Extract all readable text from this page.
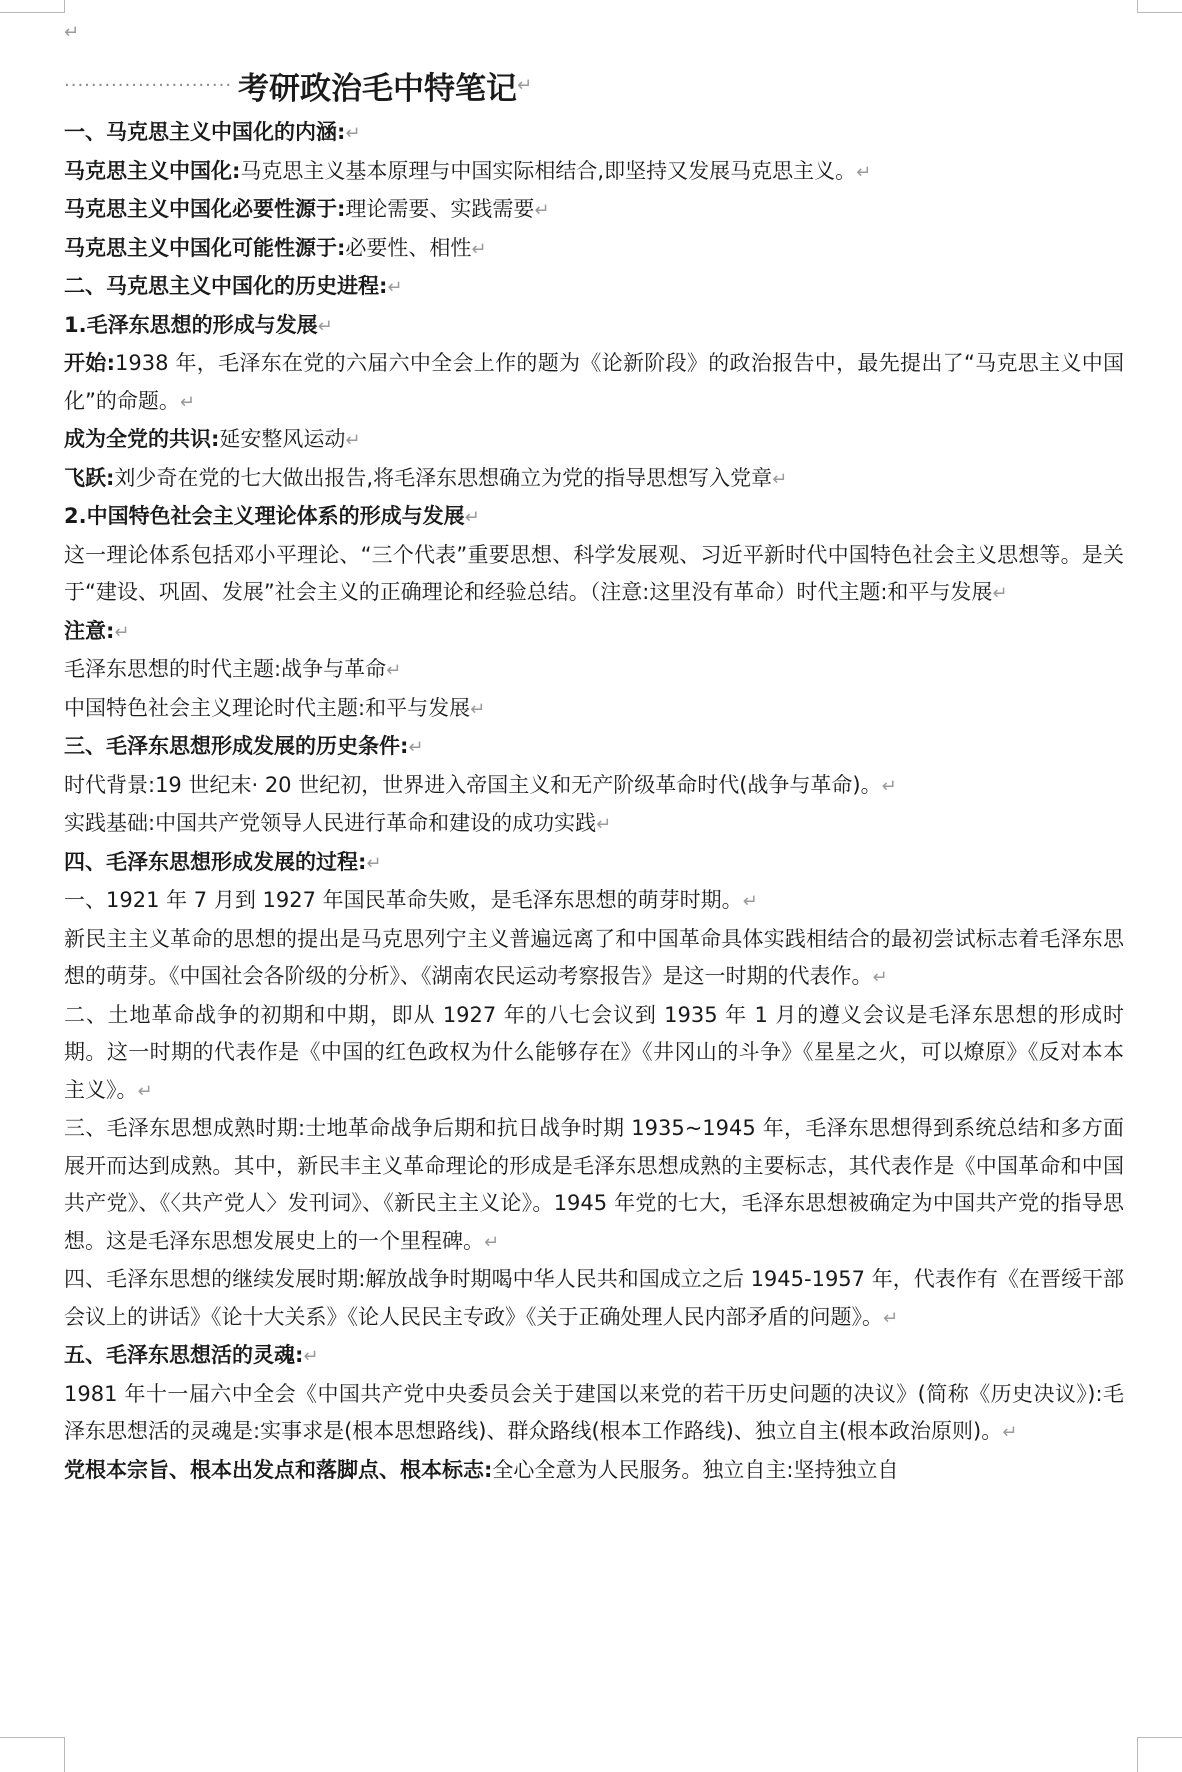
↵
························· 考研政治毛中特笔记 ↵

一、马克思主义中国化的内涵:↵

马克思主义中国化:马克思主义基本原理与中国实际相结合,即坚持又发展马克思主义。↵

马克思主义中国化必要性源于:理论需要、实践需要↵

马克思主义中国化可能性源于:必要性、相性↵

二、马克思主义中国化的历史进程:↵

1.毛泽东思想的形成与发展↵

开始:1938 年，毛泽东在党的六届六中全会上作的题为《论新阶段》的政治报告中，最先提出了“马克思主义中国化”的命题。↵

成为全党的共识:延安整风运动↵

飞跃:刘少奇在党的七大做出报告,将毛泽东思想确立为党的指导思想写入党章↵

2.中国特色社会主义理论体系的形成与发展↵

这一理论体系包括邓小平理论、“三个代表”重要思想、科学发展观、习近平新时代中国特色社会主义思想等。是关于“建设、巩固、发展”社会主义的正确理论和经验总结。（注意:这里没有革命）时代主题:和平与发展↵

注意:↵

毛泽东思想的时代主题:战争与革命↵

中国特色社会主义理论时代主题:和平与发展↵

三、毛泽东思想形成发展的历史条件:↵

时代背景:19 世纪末· 20 世纪初，世界进入帝国主义和无产阶级革命时代(战争与革命)。↵

实践基础:中国共产党领导人民进行革命和建设的成功实践↵

四、毛泽东思想形成发展的过程:↵

一、1921 年 7 月到 1927 年国民革命失败，是毛泽东思想的萌芽时期。↵

新民主主义革命的思想的提出是马克思列宁主义普遍远离了和中国革命具体实践相结合的最初尝试标志着毛泽东思想的萌芽。《中国社会各阶级的分析》、《湖南农民运动考察报告》是这一时期的代表作。↵

二、土地革命战争的初期和中期，即从 1927 年的八七会议到 1935 年 1 月的遵义会议是毛泽东思想的形成时期。这一时期的代表作是《中国的红色政权为什么能够存在》《井冈山的斗争》《星星之火，可以燎原》《反对本本主义》。↵

三、毛泽东思想成熟时期:士地革命战争后期和抗日战争时期 1935~1945 年，毛泽东思想得到系统总结和多方面展开而达到成熟。其中，新民丰主义革命理论的形成是毛泽东思想成熟的主要标志，其代表作是《中国革命和中国共产党》、《〈共产党人〉发刊词》、《新民主主义论》。1945 年党的七大，毛泽东思想被确定为中国共产党的指导思想。这是毛泽东思想发展史上的一个里程碑。↵

四、毛泽东思想的继续发展时期:解放战争时期喝中华人民共和国成立之后 1945-1957 年，代表作有《在晋绥干部会议上的讲话》《论十大关系》《论人民民主专政》《关于正确处理人民内部矛盾的问题》。↵

五、毛泽东思想活的灵魂:↵

1981 年十一届六中全会《中国共产党中央委员会关于建国以来党的若干历史问题的决议》(简称《历史决议》):毛泽东思想活的灵魂是:实事求是(根本思想路线)、群众路线(根本工作路线)、独立自主(根本政治原则)。↵

党根本宗旨、根本出发点和落脚点、根本标志:全心全意为人民服务。独立自主:坚持独立自
